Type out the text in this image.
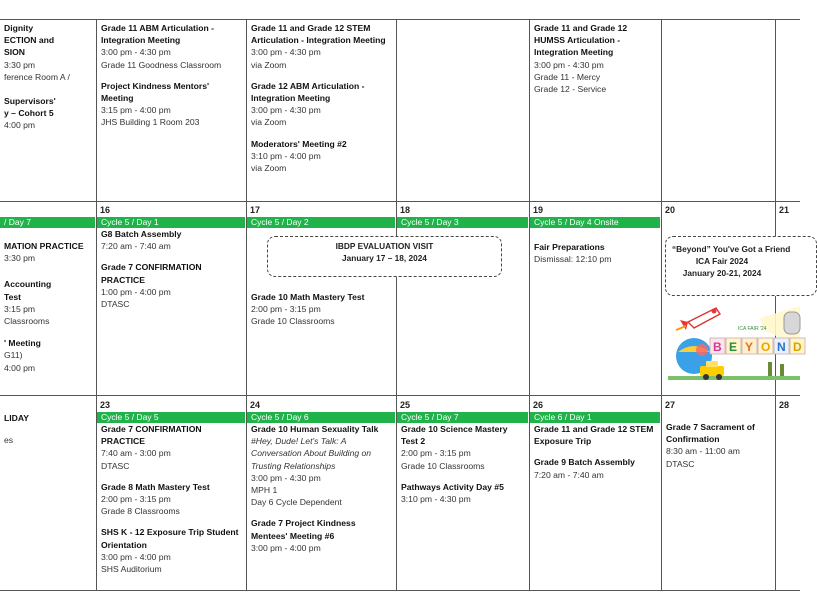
Dignity
ECTION and
SION
3:30 pm
ference Room A /
Supervisors'
y – Cohort 5
4:00 pm
Grade 11 ABM Articulation - Integration Meeting
3:00 pm - 4:30 pm
Grade 11 Goodness Classroom
Project Kindness Mentors' Meeting
3:15 pm - 4:00 pm
JHS Building 1 Room 203
Grade 11 and Grade 12 STEM Articulation - Integration Meeting
3:00 pm - 4:30 pm
via Zoom
Grade 12 ABM Articulation - Integration Meeting
3:00 pm - 4:30 pm
via Zoom
Moderators' Meeting #2
3:10 pm - 4:00 pm
via Zoom
Grade 11 and Grade 12 HUMSS Articulation - Integration Meeting
3:00 pm - 4:30 pm
Grade 11 - Mercy
Grade 12 - Service
/ Day 7
MATION PRACTICE
3:30 pm
Accounting
Test
3:15 pm
Classrooms
' Meeting
G11)
4:00 pm
16
Cycle 5 / Day 1
G8 Batch Assembly
7:20 am - 7:40 am
Grade 7 CONFIRMATION PRACTICE
1:00 pm - 4:00 pm
DTASC
17
Cycle 5 / Day 2
Grade 10 Math Mastery Test
2:00 pm - 3:15 pm
Grade 10 Classrooms
18
Cycle 5 / Day 3
IBDP EVALUATION VISIT
January 17 – 18, 2024
19
Cycle 5 / Day 4 Onsite
Fair Preparations
Dismissal: 12:10 pm
20	21
“Beyond” You've Got a Friend
ICA Fair 2024
January 20-21, 2024
ICA FAIR '24
B E Y O N D
LIDAY
es
23
Cycle 5 / Day 5
Grade 7 CONFIRMATION PRACTICE
7:40 am - 3:00 pm
DTASC
Grade 8 Math Mastery Test
2:00 pm - 3:15 pm
Grade 8 Classrooms
SHS K - 12 Exposure Trip Student Orientation
3:00 pm - 4:00 pm
SHS Auditorium
24
Cycle 5 / Day 6
Grade 10 Human Sexuality Talk
#Hey, Dude! Let's Talk: A Conversation About Building on Trusting Relationships
3:00 pm - 4:30 pm
MPH 1
Day 6 Cycle Dependent
Grade 7 Project Kindness Mentees' Meeting #6
3:00 pm - 4:00 pm
25
Cycle 5 / Day 7
Grade 10 Science Mastery Test 2
2:00 pm - 3:15 pm
Grade 10 Classrooms
Pathways Activity Day #5
3:10 pm - 4:30 pm
26
Cycle 6 / Day 1
Grade 11 and Grade 12 STEM Exposure Trip
Grade 9 Batch Assembly
7:20 am - 7:40 am
27
Grade 7 Sacrament of Confirmation
8:30 am - 11:00 am
DTASC
28
